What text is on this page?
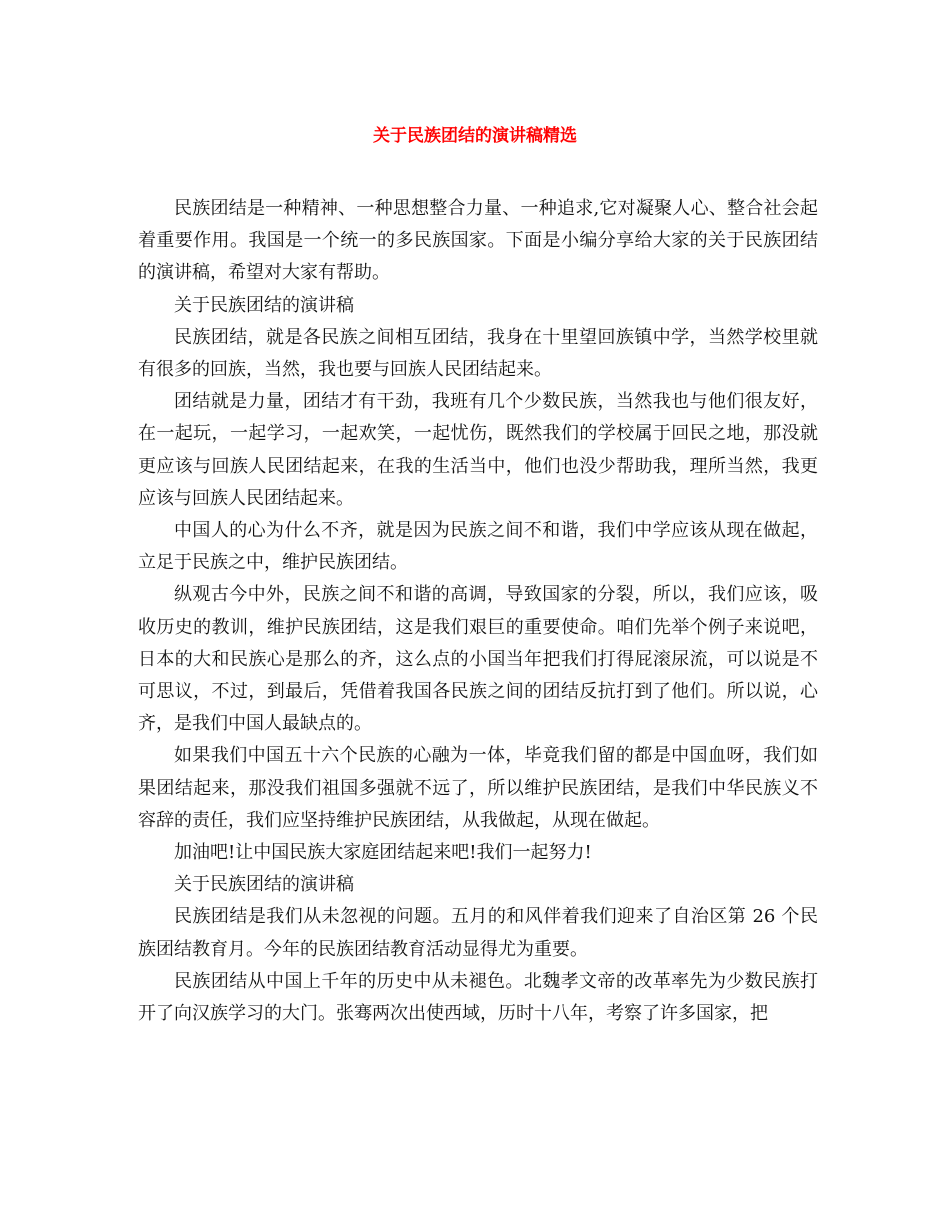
关于民族团结的演讲稿精选

民族团结是一种精神、一种思想整合力量、一种追求,它对凝聚人心、整合社会起着重要作用。我国是一个统一的多民族国家。下面是小编分享给大家的关于民族团结的演讲稿，希望对大家有帮助。

关于民族团结的演讲稿

民族团结，就是各民族之间相互团结，我身在十里望回族镇中学，当然学校里就有很多的回族，当然，我也要与回族人民团结起来。

团结就是力量，团结才有干劲，我班有几个少数民族，当然我也与他们很友好，在一起玩，一起学习，一起欢笑，一起忧伤，既然我们的学校属于回民之地，那没就更应该与回族人民团结起来，在我的生活当中，他们也没少帮助我，理所当然，我更应该与回族人民团结起来。

中国人的心为什么不齐，就是因为民族之间不和谐，我们中学应该从现在做起，立足于民族之中，维护民族团结。

纵观古今中外，民族之间不和谐的高调，导致国家的分裂，所以，我们应该，吸收历史的教训，维护民族团结，这是我们艰巨的重要使命。咱们先举个例子来说吧，日本的大和民族心是那么的齐，这么点的小国当年把我们打得屁滚尿流，可以说是不可思议，不过，到最后，凭借着我国各民族之间的团结反抗打到了他们。所以说，心齐，是我们中国人最缺点的。

如果我们中国五十六个民族的心融为一体，毕竟我们留的都是中国血呀，我们如果团结起来，那没我们祖国多强就不远了，所以维护民族团结，是我们中华民族义不容辞的责任，我们应坚持维护民族团结，从我做起，从现在做起。

加油吧!让中国民族大家庭团结起来吧!我们一起努力!

关于民族团结的演讲稿

民族团结是我们从未忽视的问题。五月的和风伴着我们迎来了自治区第 26 个民族团结教育月。今年的民族团结教育活动显得尤为重要。

民族团结从中国上千年的历史中从未褪色。北魏孝文帝的改革率先为少数民族打开了向汉族学习的大门。张骞两次出使西域，历时十八年，考察了许多国家，把
